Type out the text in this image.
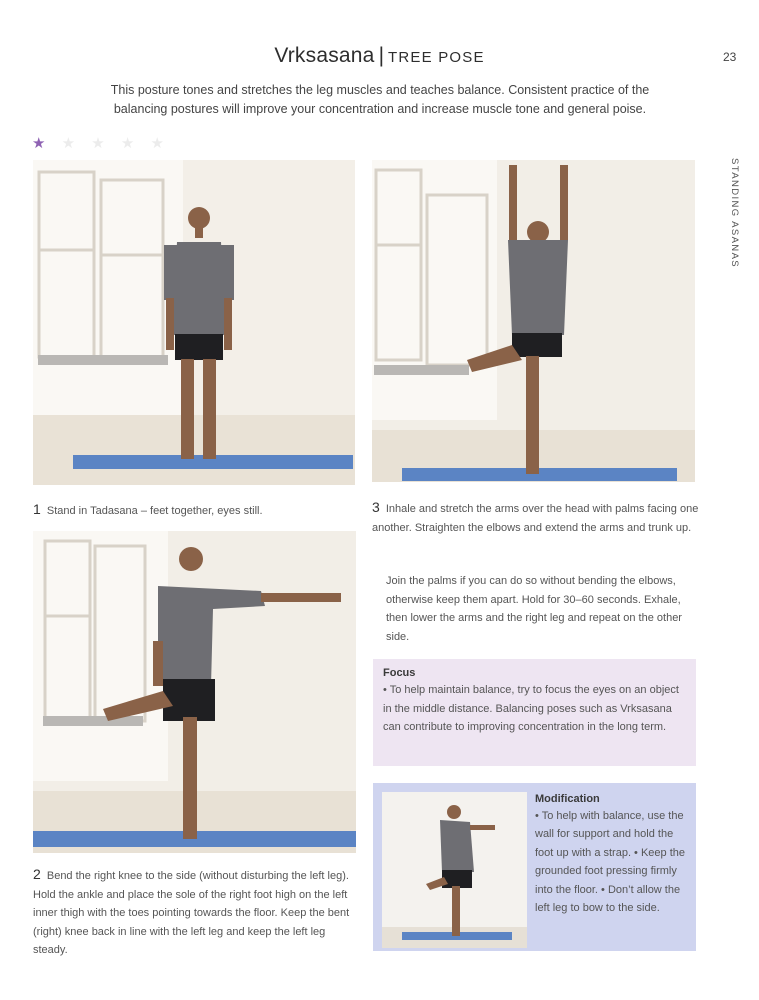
Vrksasana | TREE POSE	23
STANDING ASANAS
This posture tones and stretches the leg muscles and teaches balance. Consistent practice of the balancing postures will improve your concentration and increase muscle tone and general poise.
★ ★ ★ ★ ★
1 Stand in Tadasana – feet together, eyes still.	3 Inhale and stretch the arms over the head with palms facing one another. Straighten the elbows and extend the arms and trunk up.
Join the palms if you can do so without bending the elbows, otherwise keep them apart. Hold for 30–60 seconds. Exhale, then lower the arms and the right leg and repeat on the other side.
2 Bend the right knee to the side (without disturbing the left leg). Hold the ankle and place the sole of the right foot high on the left inner thigh with the toes pointing towards the floor. Keep the bent (right) knee back in line with the left leg and keep the left leg steady.
Focus
• To help maintain balance, try to focus the eyes on an object in the middle distance. Balancing poses such as Vrksasana can contribute to improving concentration in the long term.
Modification
• To help with balance, use the wall for support and hold the foot up with a strap. • Keep the grounded foot pressing firmly into the floor. • Don’t allow the left leg to bow to the side.
